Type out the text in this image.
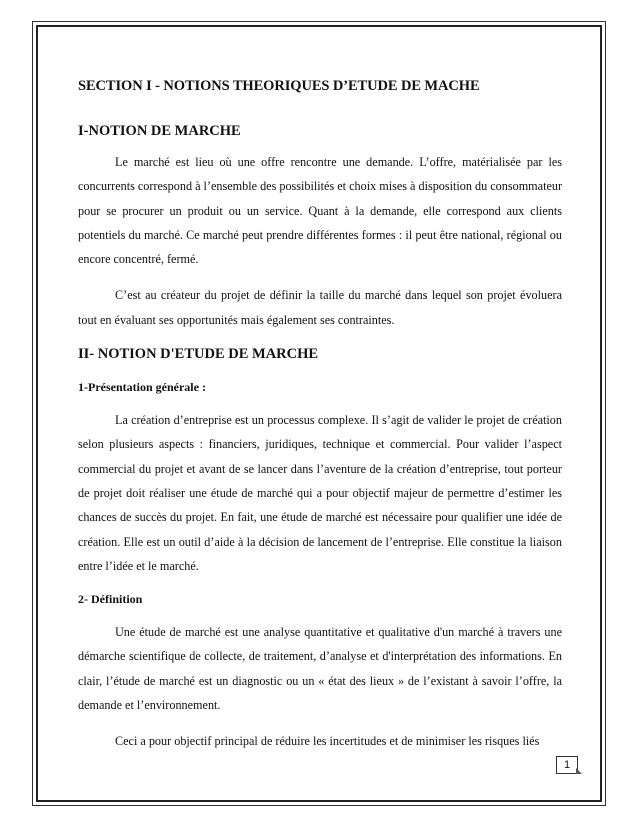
SECTION I - NOTIONS THEORIQUES D’ETUDE DE MACHE
I-NOTION DE MARCHE

Le marché est lieu où une offre rencontre une demande. L’offre, matérialisée par les concurrents correspond à l’ensemble des possibilités et choix mises à disposition du consommateur pour se procurer un produit ou un service. Quant à la demande, elle correspond aux clients potentiels du marché. Ce marché peut prendre différentes formes : il peut être national, régional ou encore concentré, fermé.

C’est au créateur du projet de définir la taille du marché dans lequel son projet évoluera tout en évaluant ses opportunités mais également ses contraintes.

II- NOTION D'ETUDE DE MARCHE
1-Présentation générale :

La création d’entreprise est un processus complexe. Il s’agit de valider le projet de création selon plusieurs aspects : financiers, juridiques, technique et commercial. Pour valider l’aspect commercial du projet et avant de se lancer dans l’aventure de la création d’entreprise, tout porteur de projet doit réaliser une étude de marché qui a pour objectif majeur de permettre d’estimer les chances de succès du projet. En fait, une étude de marché est nécessaire pour qualifier une idée de création. Elle est un outil d’aide à la décision de lancement de l’entreprise. Elle constitue la liaison entre l’idée et le marché.

2- Définition

Une étude de marché est une analyse quantitative et qualitative d'un marché à travers une démarche scientifique de collecte, de traitement, d’analyse et d'interprétation des informations. En clair, l’étude de marché est un diagnostic ou un « état des lieux » de l’existant à savoir l’offre, la demande et l’environnement.

Ceci a pour objectif principal de réduire les incertitudes et de minimiser les risques liés

1
